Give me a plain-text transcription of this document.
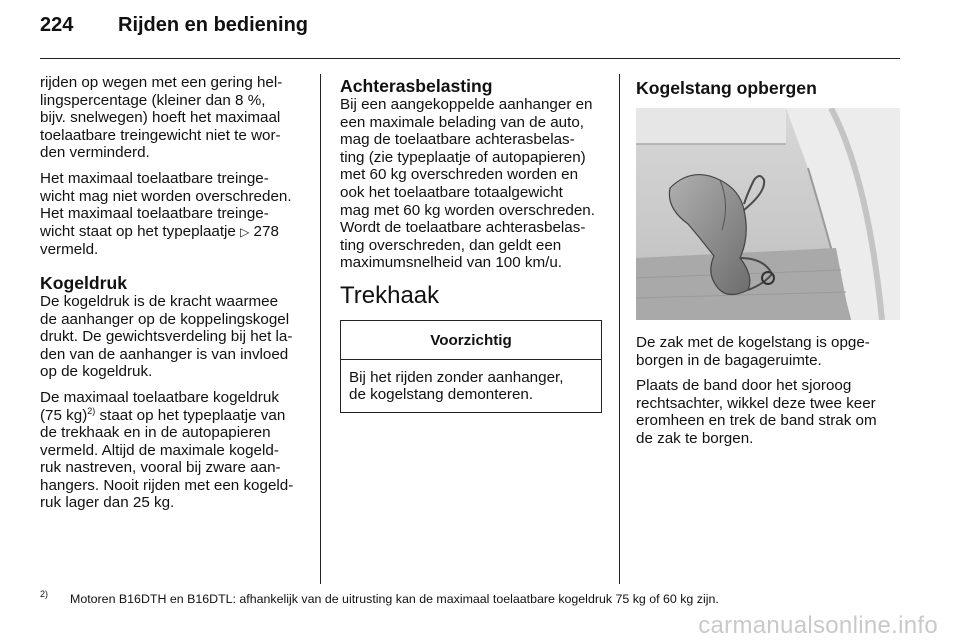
224	Rijden en bediening

rijden op wegen met een gering hel-
lingspercentage (kleiner dan 8 %,
bijv. snelwegen) hoeft het maximaal
toelaatbare treingewicht niet te wor-
den verminderd.

Het maximaal toelaatbare treinge-
wicht mag niet worden overschreden.
Het maximaal toelaatbare treinge-
wicht staat op het typeplaatje ▷ 278
vermeld.

Kogeldruk

De kogeldruk is de kracht waarmee
de aanhanger op de koppelingskogel
drukt. De gewichtsverdeling bij het la-
den van de aanhanger is van invloed
op de kogeldruk.

De maximaal toelaatbare kogeldruk
(75 kg)$^{2)}$ staat op het typeplaatje van
de trekhaak en in de autopapieren
vermeld. Altijd de maximale kogeld-
ruk nastreven, vooral bij zware aan-
hangers. Nooit rijden met een kogeld-
ruk lager dan 25 kg.

Achterasbelasting

Bij een aangekoppelde aanhanger en
een maximale belading van de auto,
mag de toelaatbare achterasbelas-
ting (zie typeplaatje of autopapieren)
met 60 kg overschreden worden en
ook het toelaatbare totaalgewicht
mag met 60 kg worden overschreden.
Wordt de toelaatbare achterasbelas-
ting overschreden, dan geldt een
maximumsnelheid van 100 km/u.

Trekhaak
Voorzichtig
Bij het rijden zonder aanhanger,
de kogelstang demonteren.
Kogelstang opbergen

De zak met de kogelstang is opge-
borgen in de bagageruimte.

Plaats de band door het sjoroog
rechtsachter, wikkel deze twee keer
eromheen en trek de band strak om
de zak te borgen.

2)	Motoren B16DTH en B16DTL: afhankelijk van de uitrusting kan de maximaal toelaatbare kogeldruk 75 kg of 60 kg zijn.
carmanualsonline.info
